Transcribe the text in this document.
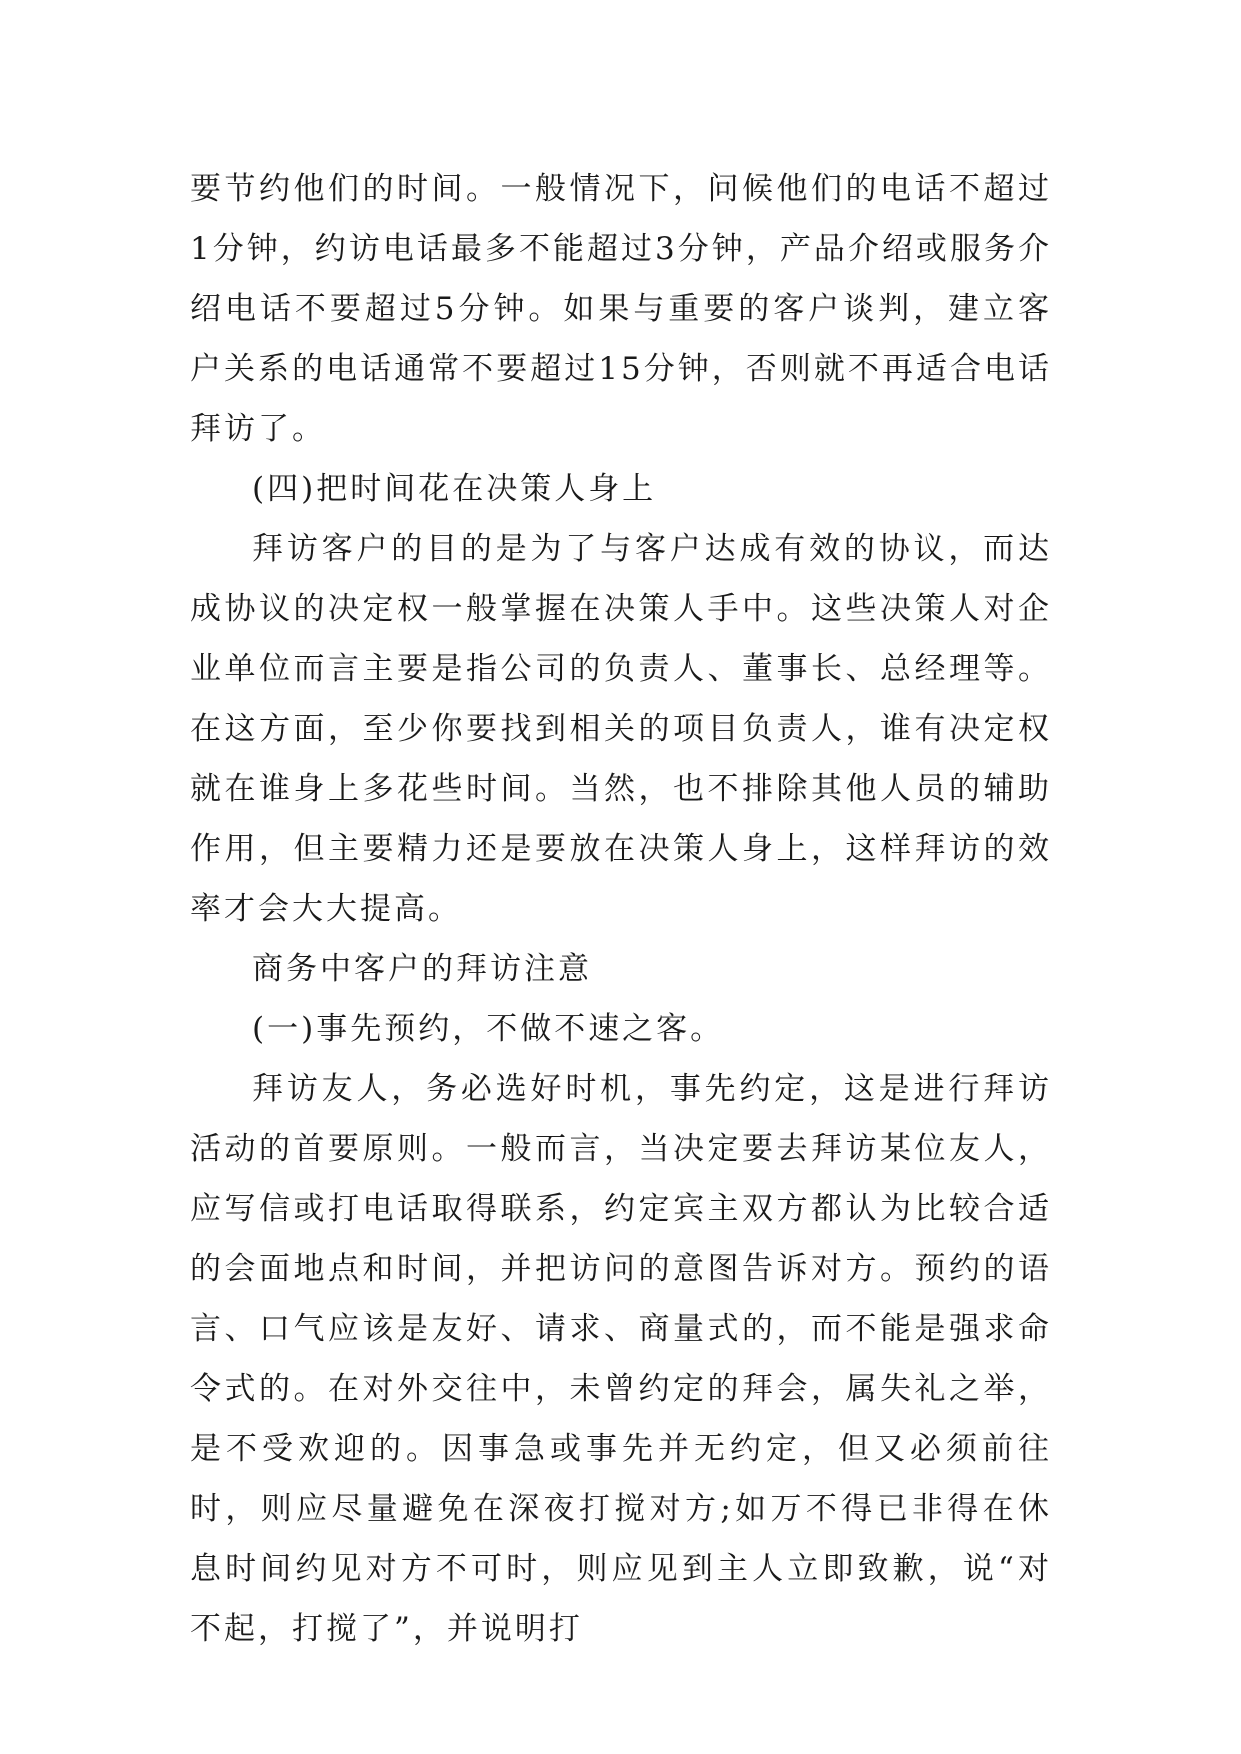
要节约他们的时间。一般情况下，问候他们的电话不超过1分钟，约访电话最多不能超过3分钟，产品介绍或服务介绍电话不要超过5分钟。如果与重要的客户谈判，建立客户关系的电话通常不要超过15分钟，否则就不再适合电话拜访了。

(四)把时间花在决策人身上

拜访客户的目的是为了与客户达成有效的协议，而达成协议的决定权一般掌握在决策人手中。这些决策人对企业单位而言主要是指公司的负责人、董事长、总经理等。在这方面，至少你要找到相关的项目负责人，谁有决定权就在谁身上多花些时间。当然，也不排除其他人员的辅助作用，但主要精力还是要放在决策人身上，这样拜访的效率才会大大提高。

商务中客户的拜访注意

(一)事先预约，不做不速之客。

拜访友人，务必选好时机，事先约定，这是进行拜访活动的首要原则。一般而言，当决定要去拜访某位友人，应写信或打电话取得联系，约定宾主双方都认为比较合适的会面地点和时间，并把访问的意图告诉对方。预约的语言、口气应该是友好、请求、商量式的，而不能是强求命令式的。在对外交往中，未曾约定的拜会，属失礼之举，是不受欢迎的。因事急或事先并无约定，但又必须前往时，则应尽量避免在深夜打搅对方;如万不得已非得在休息时间约见对方不可时，则应见到主人立即致歉，说“对不起，打搅了”，并说明打
